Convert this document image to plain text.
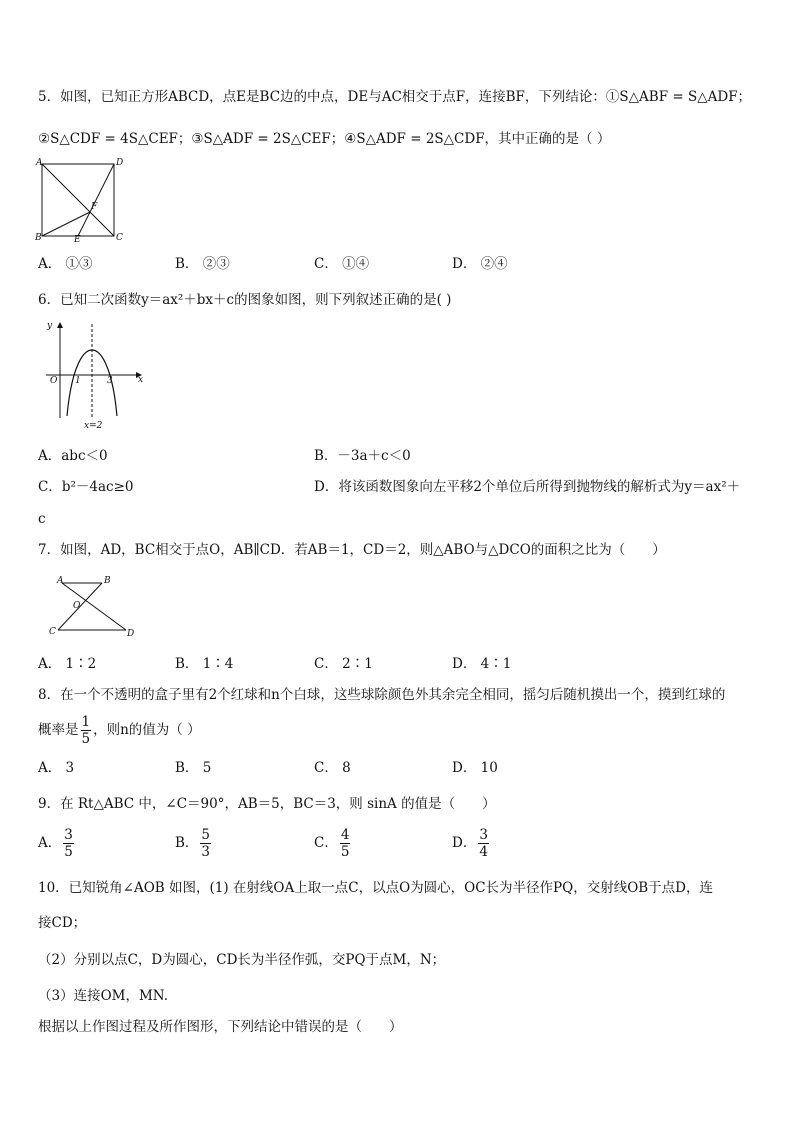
5．如图，已知正方形ABCD，点E是BC边的中点，DE与AC相交于点F，连接BF，下列结论：①S△ABF = S△ADF；
②S△CDF = 4S△CEF；③S△ADF = 2S△CEF；④S△ADF = 2S△CDF，其中正确的是（ ）
A	D
B	C
E
F
A． ①③	B． ②③	C． ①④	D． ②④
6．已知二次函数y＝ax²＋bx＋c的图象如图，则下列叙述正确的是( )
y
x
O 1	3
x=2
A．abc＜0	B．－3a＋c＜0
C．b²－4ac≥0	D．将该函数图象向左平移2个单位后所得到抛物线的解析式为y＝ax²＋
c
7．如图，AD，BC相交于点O，AB∥CD．若AB＝1，CD＝2，则△ABO与△DCO的面积之比为（　　）
A	B
O
C	D
A． 1∶2	B． 1∶4	C． 2∶1	D． 4∶1
8．在一个不透明的盒子里有2个红球和n个白球，这些球除颜色外其余完全相同，摇匀后随机摸出一个，摸到红球的
概率是 $\frac{1}{5}$ ，则n的值为（ ）
A． 3	B． 5	C． 8	D． 10
9．在 Rt△ABC 中，∠C＝90°，AB＝5，BC＝3，则 sinA 的值是（　　）
A． $\frac{3}{5}$	B． $\frac{5}{3}$	C． $\frac{4}{5}$	D． $\frac{3}{4}$
10．已知锐角∠AOB 如图，(1) 在射线OA上取一点C，以点O为圆心，OC长为半径作PQ，交射线OB于点D，连
接CD；
（2）分别以点C，D为圆心，CD长为半径作弧，交PQ于点M，N；
（3）连接OM，MN.
根据以上作图过程及所作图形，下列结论中错误的是（　　）
